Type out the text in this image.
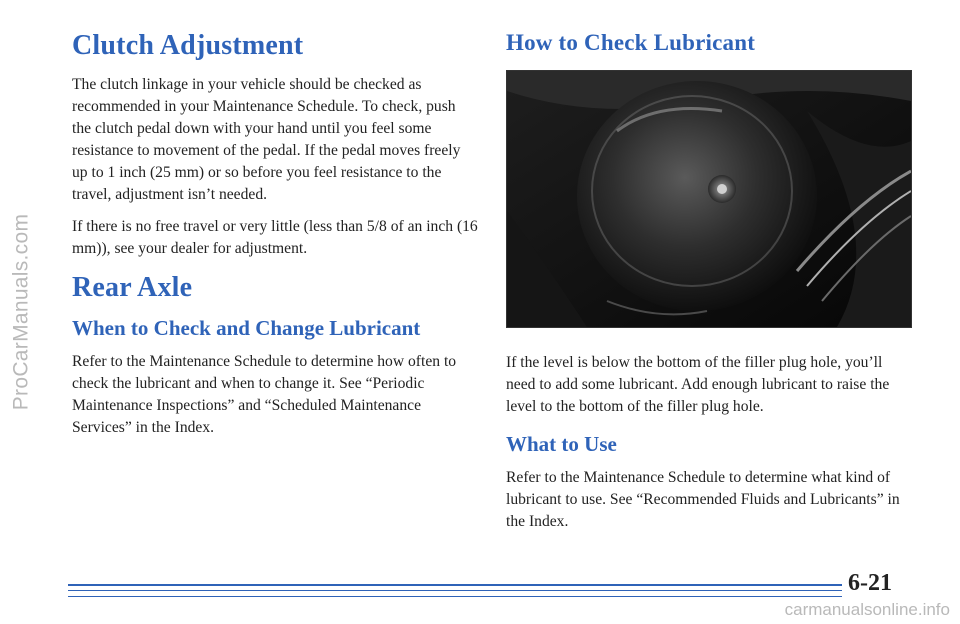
ProCarManuals.com
Clutch Adjustment

The clutch linkage in your vehicle should be checked as recommended in your Maintenance Schedule. To check, push the clutch pedal down with your hand until you feel some resistance to movement of the pedal. If the pedal moves freely up to 1 inch (25 mm) or so before you feel resistance to the travel, adjustment isn’t needed.

If there is no free travel or very little (less than 5/8 of an inch (16 mm)), see your dealer for adjustment.

Rear Axle
When to Check and Change Lubricant

Refer to the Maintenance Schedule to determine how often to check the lubricant and when to change it. See “Periodic Maintenance Inspections” and “Scheduled Maintenance Services” in the Index.

How to Check Lubricant

If the level is below the bottom of the filler plug hole, you’ll need to add some lubricant. Add enough lubricant to raise the level to the bottom of the filler plug hole.

What to Use

Refer to the Maintenance Schedule to determine what kind of lubricant to use. See “Recommended Fluids and Lubricants” in the Index.

6-21
carmanualsonline.info
